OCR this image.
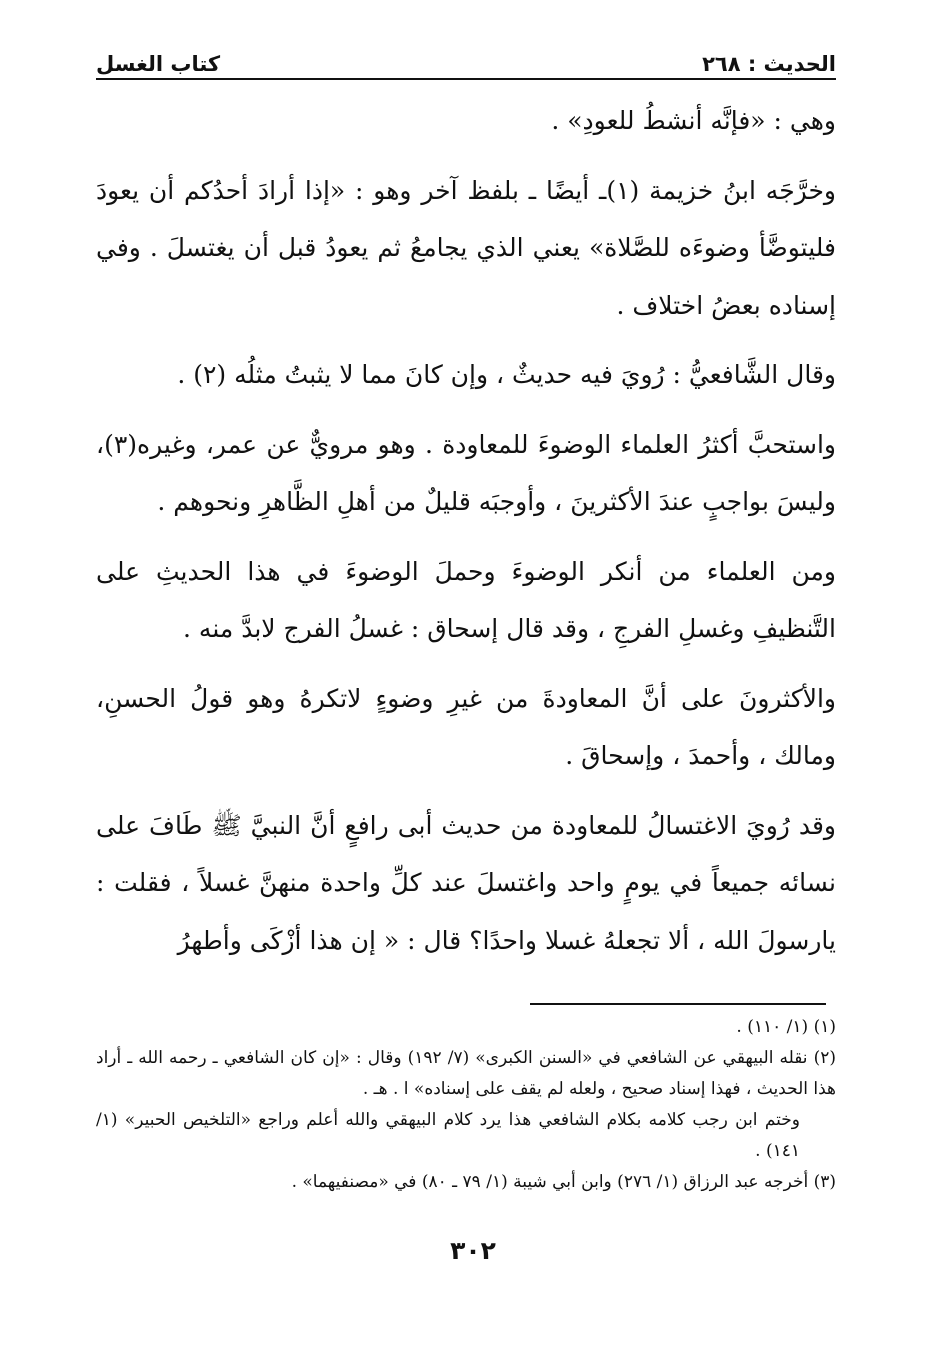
الحديث : ٢٦٨
كتاب الغسل

وهي : «فإنَّه أنشطُ للعودِ» .

وخرَّجَه ابنُ خزيمة (١)ـ أيضًا ـ بلفظ آخر وهو : «إذا أرادَ أحدُكم أن يعودَ فليتوضَّأ وضوءَه للصَّلاة» يعني الذي يجامعُ ثم يعودُ قبل أن يغتسلَ . وفي إسناده بعضُ اختلاف .

وقال الشَّافعيُّ : رُويَ فيه حديثٌ ، وإن كانَ مما لا يثبتُ مثلُه (٢) .

واستحبَّ أكثرُ العلماء الوضوءَ للمعاودة . وهو مرويٌّ عن عمر، وغيره(٣)، وليسَ بواجبٍ عندَ الأكثرينَ ، وأوجبَه قليلٌ من أهلِ الظَّاهرِ ونحوهم .

ومن العلماء من أنكر الوضوءَ وحملَ الوضوءَ في هذا الحديثِ على التَّنظيفِ وغسلِ الفرجِ ، وقد قال إسحاق : غسلُ الفرج لابدَّ منه .

والأكثرونَ على أنَّ المعاودةَ من غيرِ وضوءٍ لاتكرهُ وهو قولُ الحسنِ، ومالك ، وأحمدَ ، وإسحاقَ .

وقد رُويَ الاغتسالُ للمعاودة من حديث أبى رافعٍ أنَّ النبيَّ ﷺ طَافَ على نسائه جميعاً في يومٍ واحد واغتسلَ عند كلِّ واحدة منهنَّ غسلاً ، فقلت : يارسولَ الله ، ألا تجعلهُ غسلا واحدًا؟ قال : « إن هذا أزْكَى وأطهرُ

(١) (١/ ١١٠) .

(٢) نقله البيهقي عن الشافعي في «السنن الكبرى» (٧/ ١٩٢) وقال : «إن كان الشافعي ـ رحمه الله ـ أراد هذا الحديث ، فهذا إسناد صحيح ، ولعله لم يقف على إسناده» ا . هـ .

وختم ابن رجب كلامه بكلام الشافعي هذا يرد كلام البيهقي والله أعلم وراجع «التلخيص الحبير» (١/ ١٤١) .

(٣) أخرجه عبد الرزاق (١/ ٢٧٦) وابن أبي شيبة (١/ ٧٩ ـ ٨٠) في «مصنفيهما» .

٣٠٢
